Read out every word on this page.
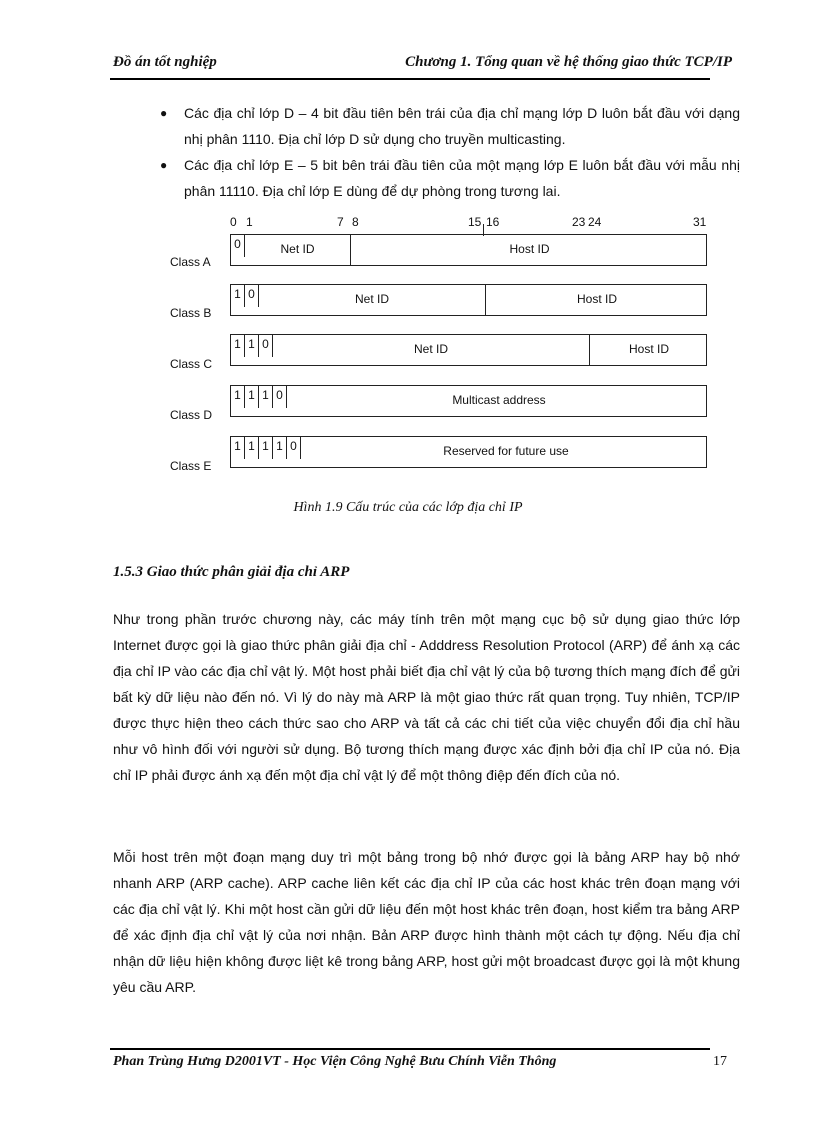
Đồ án tốt nghiệp	Chương 1. Tổng quan về hệ thống giao thức TCP/IP
● Các địa chỉ lớp D – 4 bit đầu tiên bên trái của địa chỉ mạng lớp D luôn bắt đầu với dạng nhị phân 1110. Địa chỉ lớp D sử dụng cho truyền multicasting.
● Các địa chỉ lớp E – 5 bit bên trái đầu tiên của một mạng lớp E luôn bắt đầu với mẫu nhị phân 11110. Địa chỉ lớp E dùng để dự phòng trong tương lai.
0 1	7 8	15 16	23 24	31
Class A
0	Net ID	Host ID
Class B
1 0	Net ID	Host ID
Class C
1 1 0	Net ID	Host ID
Class D
1 1 1 0	Multicast address
Class E
1 1 1 1 0	Reserved for future use
Hình 1.9 Cấu trúc của các lớp địa chỉ IP
1.5.3 Giao thức phân giải địa chỉ ARP
Như trong phần trước chương này, các máy tính trên một mạng cục bộ sử dụng giao thức lớp Internet được gọi là giao thức phân giải địa chỉ - Adddress Resolution Protocol (ARP) để ánh xạ các địa chỉ IP vào các địa chỉ vật lý. Một host phải biết địa chỉ vật lý của bộ tương thích mạng đích để gửi bất kỳ dữ liệu nào đến nó. Vì lý do này mà ARP là một giao thức rất quan trọng. Tuy nhiên, TCP/IP được thực hiện theo cách thức sao cho ARP và tất cả các chi tiết của việc chuyển đổi địa chỉ hầu như vô hình đối với người sử dụng. Bộ tương thích mạng được xác định bởi địa chỉ IP của nó. Địa chỉ IP phải được ánh xạ đến một địa chỉ vật lý để một thông điệp đến đích của nó.
Mỗi host trên một đoạn mạng duy trì một bảng trong bộ nhớ được gọi là bảng ARP hay bộ nhớ nhanh ARP (ARP cache). ARP cache liên kết các địa chỉ IP của các host khác trên đoạn mạng với các địa chỉ vật lý. Khi một host cần gửi dữ liệu đến một host khác trên đoạn, host kiểm tra bảng ARP để xác định địa chỉ vật lý của nơi nhận. Bản ARP được hình thành một cách tự động. Nếu địa chỉ nhận dữ liệu hiện không được liệt kê trong bảng ARP, host gửi một broadcast được gọi là một khung yêu cầu ARP.
Phan Trùng Hưng D2001VT - Học Viện Công Nghệ Bưu Chính Viễn Thông	17
